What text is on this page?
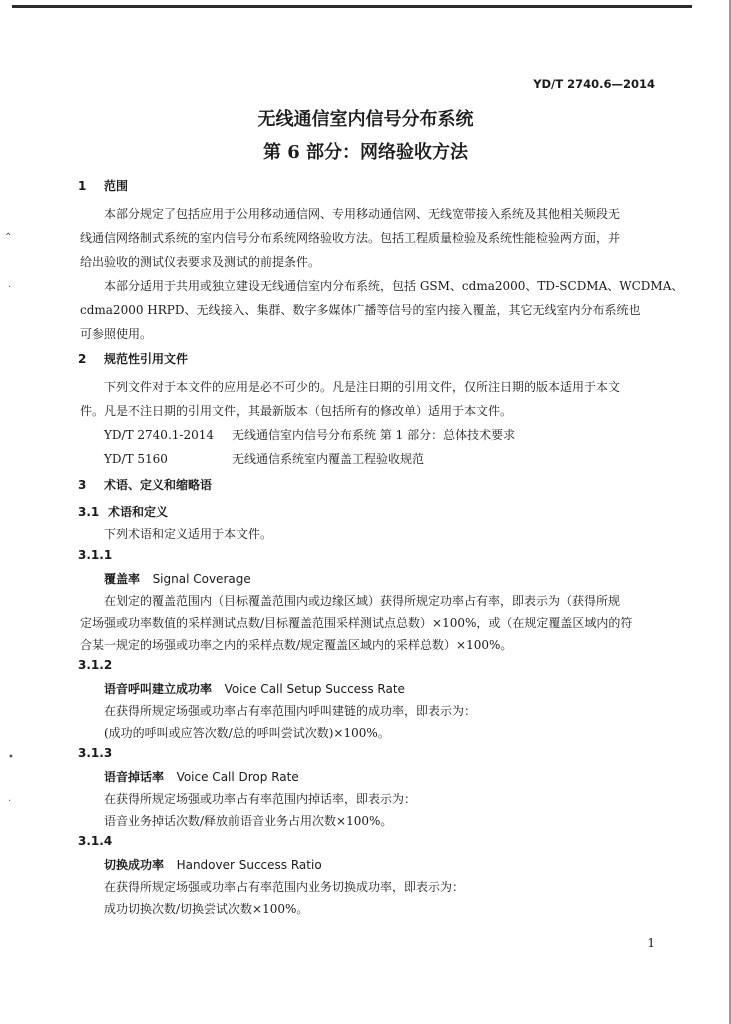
⌃
·
•
·
YD/T 2740.6—2014
无线通信室内信号分布系统
第 6 部分：网络验收方法
1 范围
本部分规定了包括应用于公用移动通信网、专用移动通信网、无线宽带接入系统及其他相关频段无
线通信网络制式系统的室内信号分布系统网络验收方法。包括工程质量检验及系统性能检验两方面，并
给出验收的测试仪表要求及测试的前提条件。
本部分适用于共用或独立建设无线通信室内分布系统，包括 GSM、cdma2000、TD-SCDMA、WCDMA、
cdma2000 HRPD、无线接入、集群、数字多媒体广播等信号的室内接入覆盖，其它无线室内分布系统也
可参照使用。
2 规范性引用文件
下列文件对于本文件的应用是必不可少的。凡是注日期的引用文件，仅所注日期的版本适用于本文
件。凡是不注日期的引用文件，其最新版本（包括所有的修改单）适用于本文件。
YD/T 2740.1-2014 无线通信室内信号分布系统 第 1 部分：总体技术要求
YD/T 5160	无线通信系统室内覆盖工程验收规范
3 术语、定义和缩略语
3.1 术语和定义
下列术语和定义适用于本文件。
3.1.1
覆盖率 Signal Coverage
在划定的覆盖范围内（目标覆盖范围内或边缘区域）获得所规定功率占有率，即表示为（获得所规
定场强或功率数值的采样测试点数/目标覆盖范围采样测试点总数）×100%，或（在规定覆盖区域内的符
合某一规定的场强或功率之内的采样点数/规定覆盖区域内的采样总数）×100%。
3.1.2
语音呼叫建立成功率 Voice Call Setup Success Rate
在获得所规定场强或功率占有率范围内呼叫建链的成功率，即表示为：
(成功的呼叫或应答次数/总的呼叫尝试次数)×100%。
3.1.3
语音掉话率 Voice Call Drop Rate
在获得所规定场强或功率占有率范围内掉话率，即表示为：
语音业务掉话次数/释放前语音业务占用次数×100%。
3.1.4
切换成功率 Handover Success Ratio
在获得所规定场强或功率占有率范围内业务切换成功率，即表示为：
成功切换次数/切换尝试次数×100%。
1
